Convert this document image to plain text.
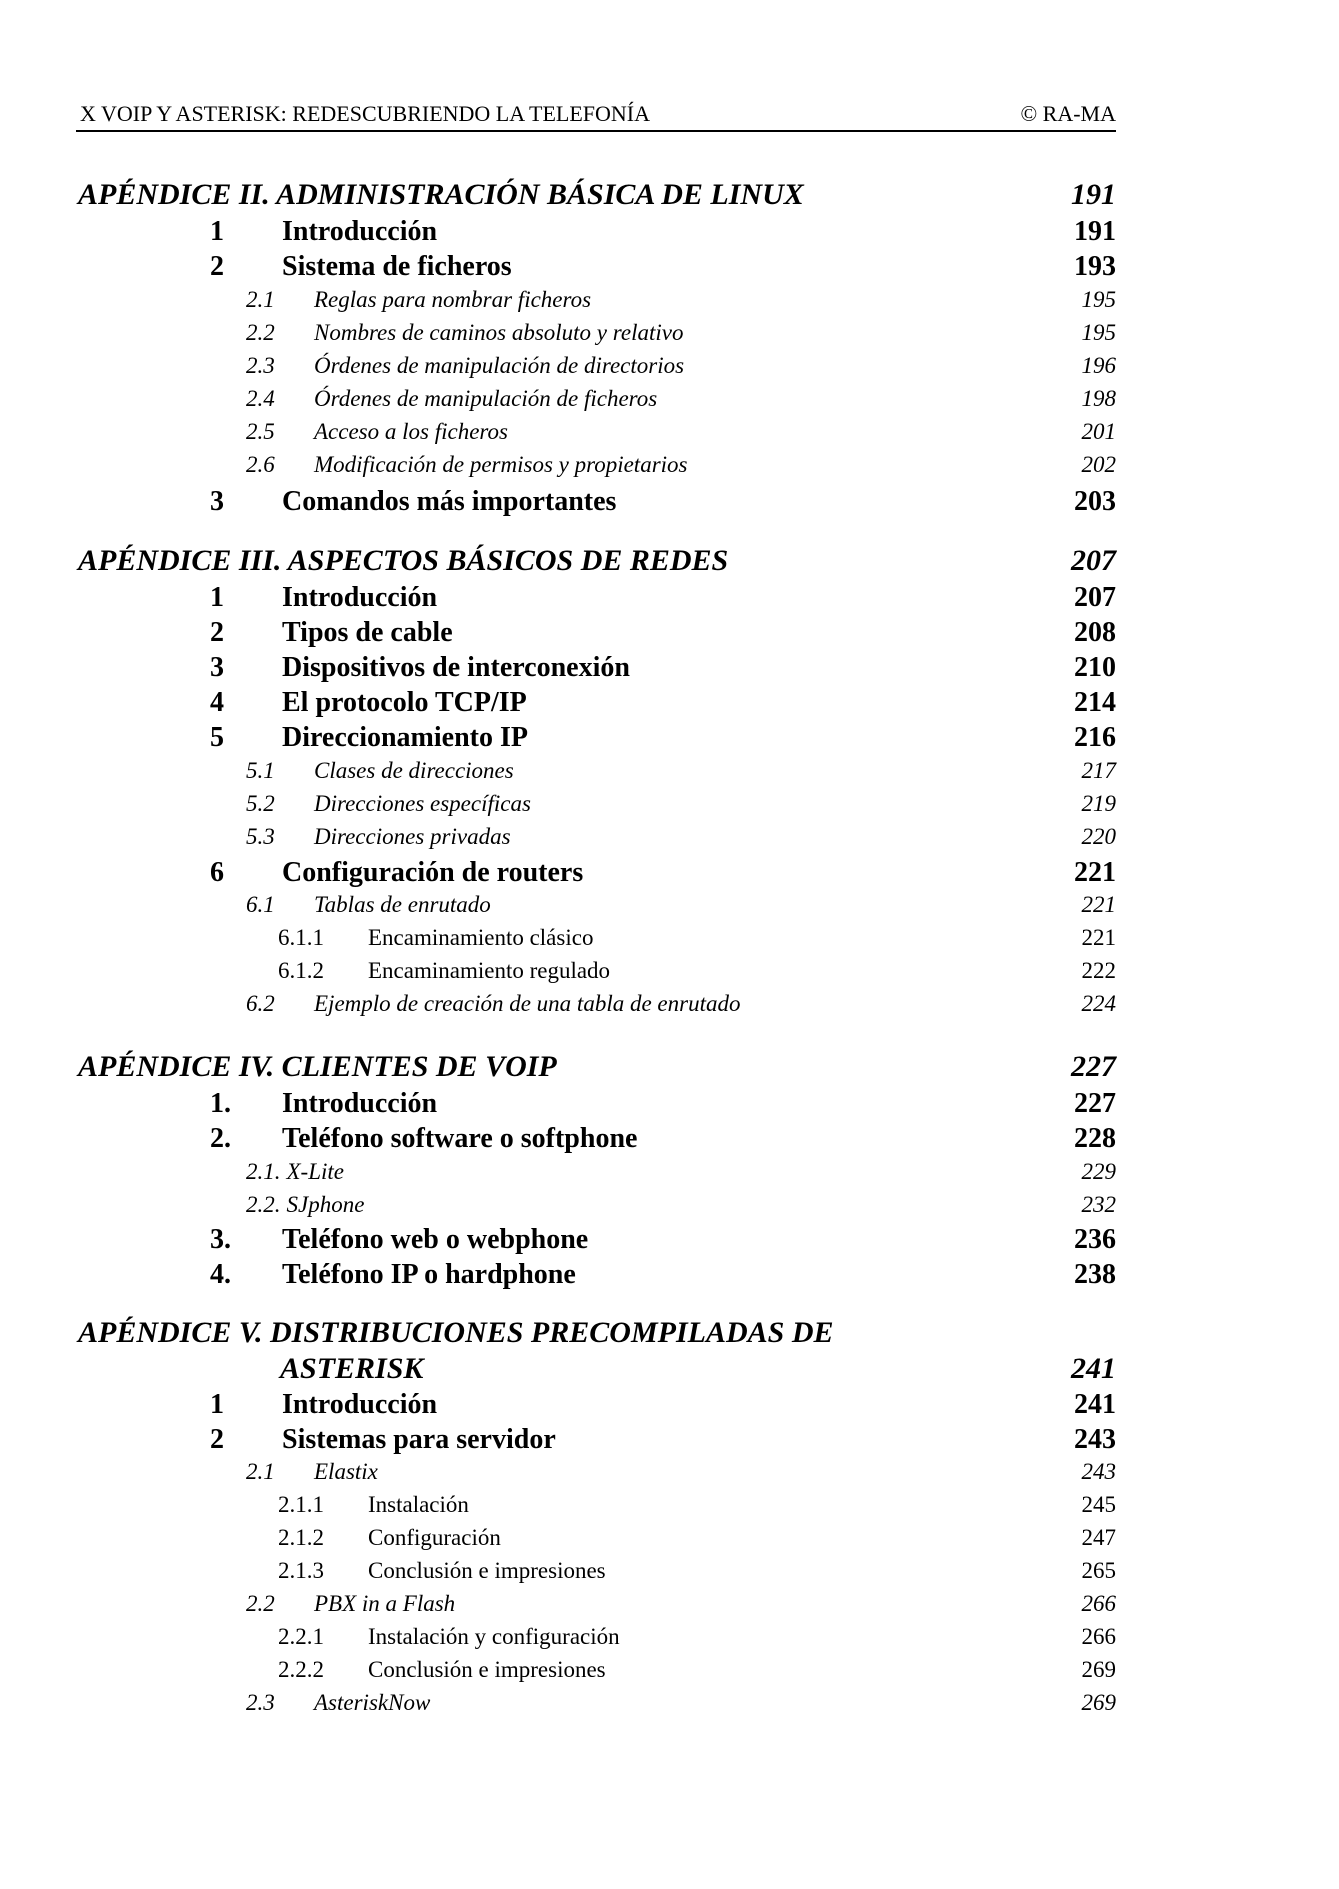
X VOIP Y ASTERISK: REDESCUBRIENDO LA TELEFONÍA	© RA-MA
APÉNDICE II. ADMINISTRACIÓN BÁSICA DE LINUX	191
1	Introducción	191
2	Sistema de ficheros	193
2.1	Reglas para nombrar ficheros	195
2.2	Nombres de caminos absoluto y relativo	195
2.3	Órdenes de manipulación de directorios	196
2.4	Órdenes de manipulación de ficheros	198
2.5	Acceso a los ficheros	201
2.6	Modificación de permisos y propietarios	202
3	Comandos más importantes	203
APÉNDICE III. ASPECTOS BÁSICOS DE REDES	207
1	Introducción	207
2	Tipos de cable	208
3	Dispositivos de interconexión	210
4	El protocolo TCP/IP	214
5	Direccionamiento IP	216
5.1	Clases de direcciones	217
5.2	Direcciones específicas	219
5.3	Direcciones privadas	220
6	Configuración de routers	221
6.1	Tablas de enrutado	221
6.1.1	Encaminamiento clásico	221
6.1.2	Encaminamiento regulado	222
6.2	Ejemplo de creación de una tabla de enrutado	224
APÉNDICE IV. CLIENTES DE VOIP	227
1.	Introducción	227
2.	Teléfono software o softphone	228
2.1. X-Lite	229
2.2. SJphone	232
3.	Teléfono web o webphone	236
4.	Teléfono IP o hardphone	238
APÉNDICE V. DISTRIBUCIONES PRECOMPILADAS DE
ASTERISK	241
1	Introducción	241
2	Sistemas para servidor	243
2.1	Elastix	243
2.1.1	Instalación	245
2.1.2	Configuración	247
2.1.3	Conclusión e impresiones	265
2.2	PBX in a Flash	266
2.2.1	Instalación y configuración	266
2.2.2	Conclusión e impresiones	269
2.3	AsteriskNow	269
